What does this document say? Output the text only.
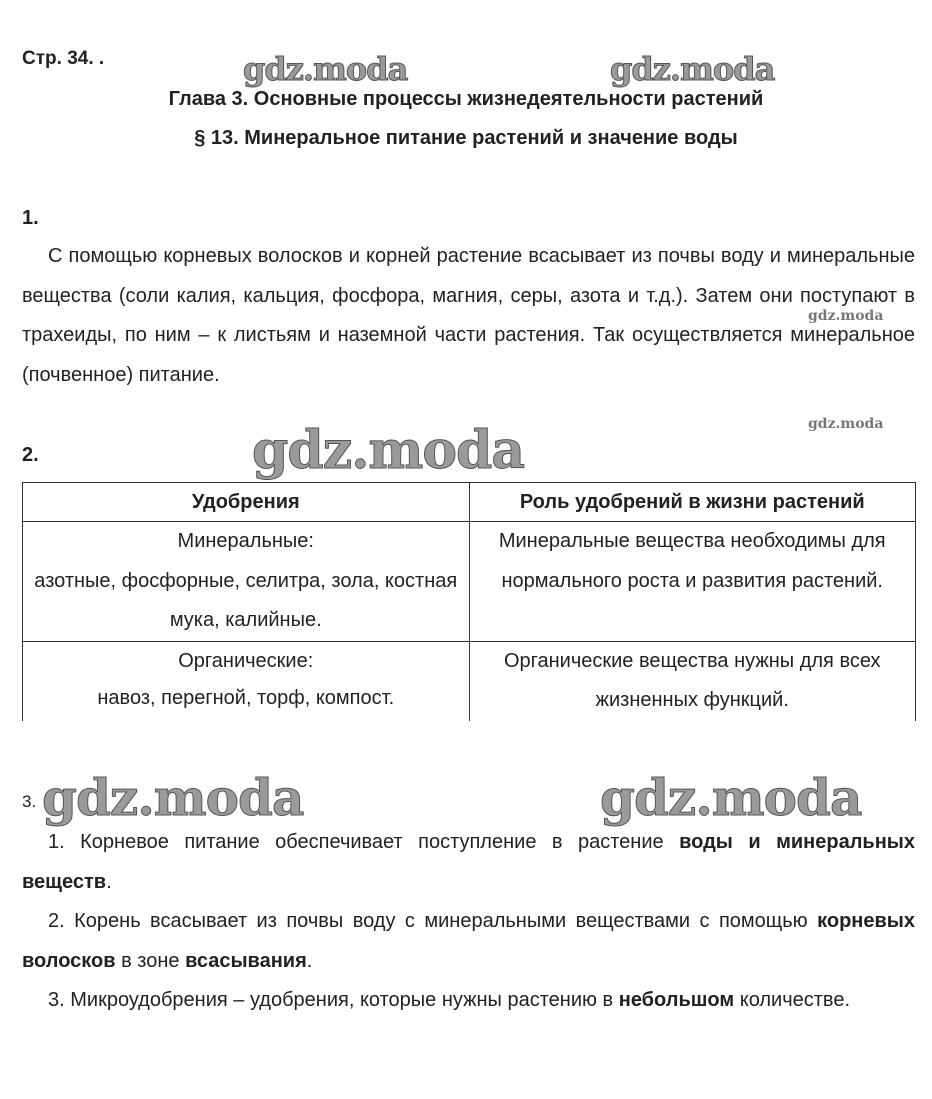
Стр. 34. .	gdz.moda	gdz.moda
Глава 3. Основные процессы жизнедеятельности растений
§ 13. Минеральное питание растений и значение воды
1.

С помощью корневых волосков и корней растение всасывает из почвы воду и минеральные вещества (соли калия, кальция, фосфора, магния, серы, азота и т.д.). Затем они поступают в трахеиды, по ним – к листьям и наземной части растения. Так осуществляется минеральное (почвенное) питание.

gdz.moda
gdz.moda
2.	gdz.moda
Удобрения	Роль удобрений в жизни растений

Минеральные:
азотные, фосфорные, селитра, зола, костная мука, калийные.	Минеральные вещества необходимы для нормального роста и развития растений.

Органические:
навоз, перегной, торф, компост.	Органические вещества нужны для всех жизненных функций.
3. gdz.moda	gdz.moda

1. Корневое питание обеспечивает поступление в растение воды и минеральных веществ.

2. Корень всасывает из почвы воду с минеральными веществами с помощью корневых волосков в зоне всасывания.

3. Микроудобрения – удобрения, которые нужны растению в небольшом количестве.
